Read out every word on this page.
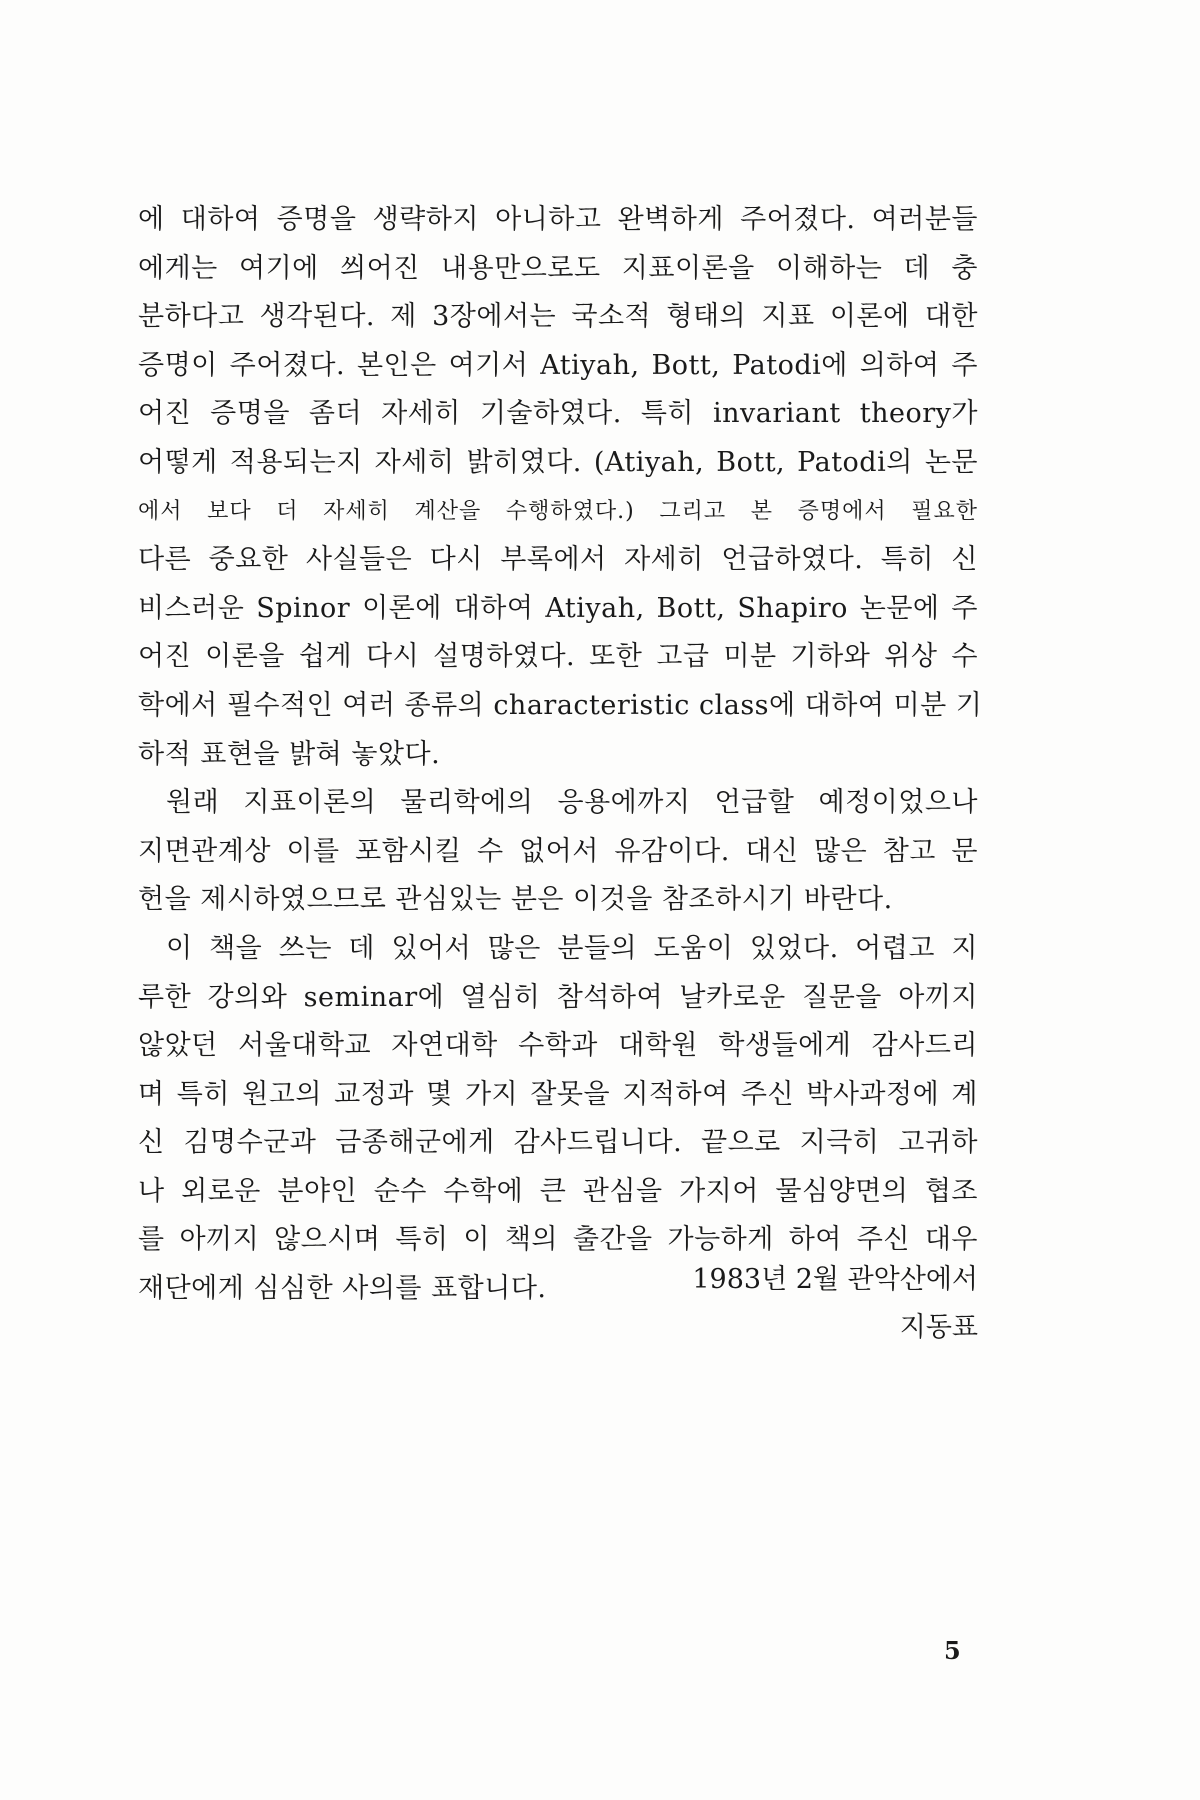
에 대하여 증명을 생략하지 아니하고 완벽하게 주어졌다. 여러분들
에게는 여기에 씌어진 내용만으로도 지표이론을 이해하는 데 충
분하다고 생각된다. 제 3장에서는 국소적 형태의 지표 이론에 대한
증명이 주어졌다. 본인은 여기서 Atiyah, Bott, Patodi에 의하여 주
어진 증명을 좀더 자세히 기술하였다. 특히 invariant theory가
어떻게 적용되는지 자세히 밝히였다. (Atiyah, Bott, Patodi의 논문
에서 보다 더 자세히 계산을 수행하였다.) 그리고 본 증명에서 필요한
다른 중요한 사실들은 다시 부록에서 자세히 언급하였다. 특히 신
비스러운 Spinor 이론에 대하여 Atiyah, Bott, Shapiro 논문에 주
어진 이론을 쉽게 다시 설명하였다. 또한 고급 미분 기하와 위상 수
학에서 필수적인 여러 종류의 characteristic class에 대하여 미분 기
하적 표현을 밝혀 놓았다.
원래 지표이론의 물리학에의 응용에까지 언급할 예정이었으나
지면관계상 이를 포함시킬 수 없어서 유감이다. 대신 많은 참고 문
헌을 제시하였으므로 관심있는 분은 이것을 참조하시기 바란다.
이 책을 쓰는 데 있어서 많은 분들의 도움이 있었다. 어렵고 지
루한 강의와 seminar에 열심히 참석하여 날카로운 질문을 아끼지
않았던 서울대학교 자연대학 수학과 대학원 학생들에게 감사드리
며 특히 원고의 교정과 몇 가지 잘못을 지적하여 주신 박사과정에 계
신 김명수군과 금종해군에게 감사드립니다. 끝으로 지극히 고귀하
나 외로운 분야인 순수 수학에 큰 관심을 가지어 물심양면의 협조
를 아끼지 않으시며 특히 이 책의 출간을 가능하게 하여 주신 대우
재단에게 심심한 사의를 표합니다.	1983년 2월 관악산에서
지동표
5
